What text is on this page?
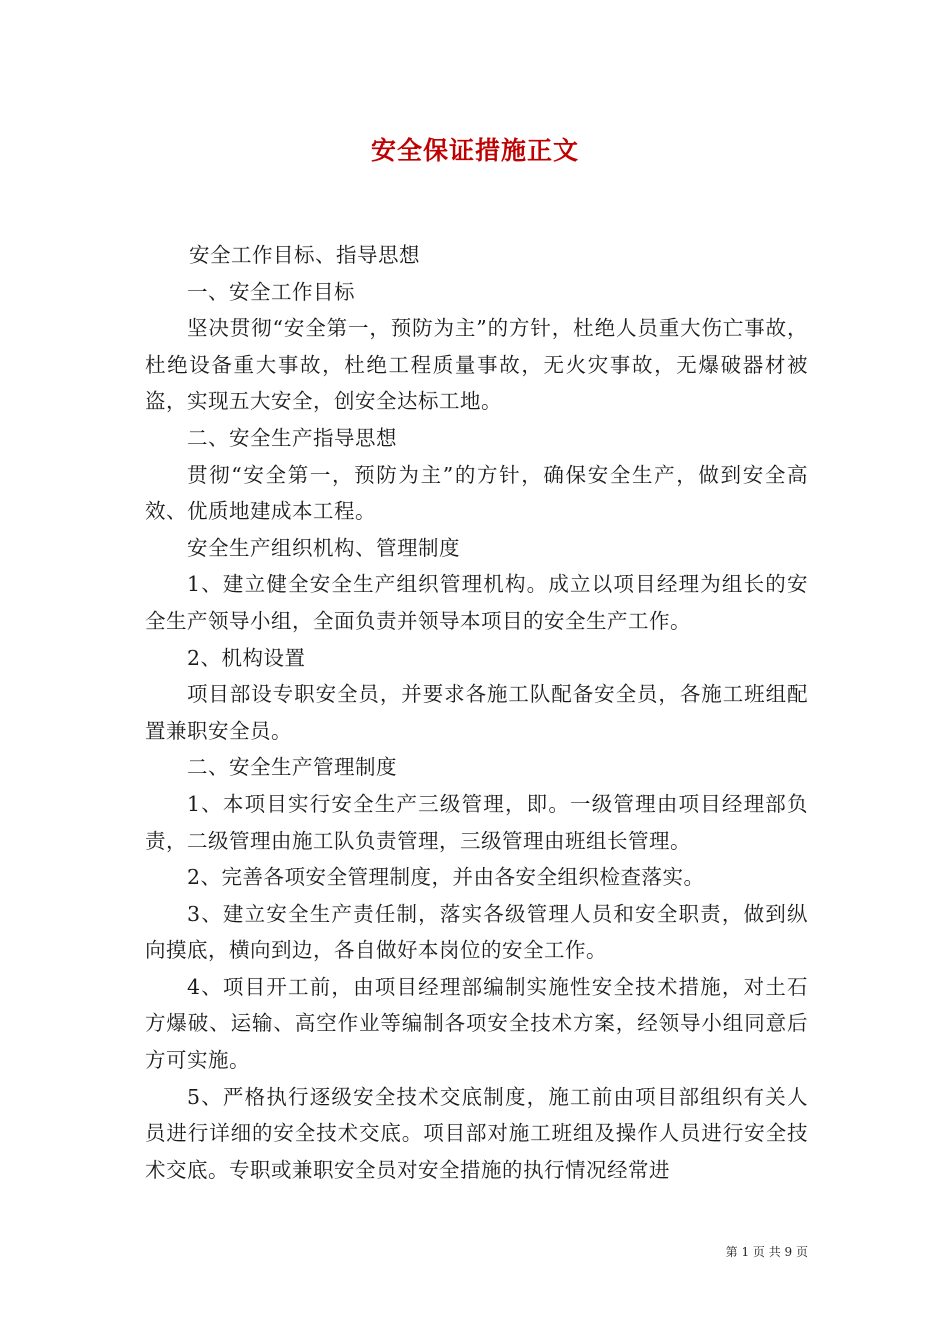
安全保证措施正文

安全工作目标、指导思想

一、安全工作目标

坚决贯彻“安全第一，预防为主”的方针，杜绝人员重大伤亡事故，杜绝设备重大事故，杜绝工程质量事故，无火灾事故，无爆破器材被盗，实现五大安全，创安全达标工地。

二、安全生产指导思想

贯彻“安全第一，预防为主”的方针，确保安全生产，做到安全高效、优质地建成本工程。

安全生产组织机构、管理制度

1、建立健全安全生产组织管理机构。成立以项目经理为组长的安全生产领导小组，全面负责并领导本项目的安全生产工作。

2、机构设置

项目部设专职安全员，并要求各施工队配备安全员，各施工班组配置兼职安全员。

二、安全生产管理制度

1、本项目实行安全生产三级管理，即。一级管理由项目经理部负责，二级管理由施工队负责管理，三级管理由班组长管理。

2、完善各项安全管理制度，并由各安全组织检查落实。

3、建立安全生产责任制，落实各级管理人员和安全职责，做到纵向摸底，横向到边，各自做好本岗位的安全工作。

4、项目开工前，由项目经理部编制实施性安全技术措施，对土石方爆破、运输、高空作业等编制各项安全技术方案，经领导小组同意后方可实施。

5、严格执行逐级安全技术交底制度，施工前由项目部组织有关人员进行详细的安全技术交底。项目部对施工班组及操作人员进行安全技术交底。专职或兼职安全员对安全措施的执行情况经常进

第 1 页 共 9 页
